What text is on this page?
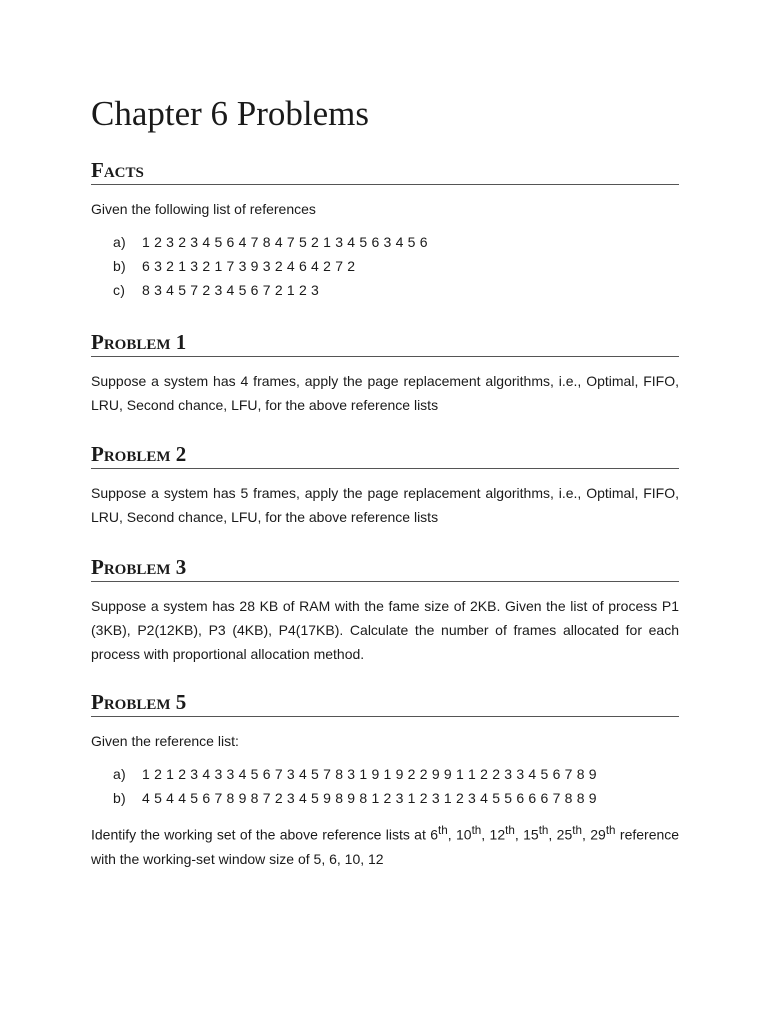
Chapter 6 Problems
Facts

Given the following list of references

a) 1 2 3 2 3 4 5 6 4 7 8 4 7 5 2 1 3 4 5 6 3 4 5 6
b) 6 3 2 1 3 2 1 7 3 9 3 2 4 6 4 2 7 2
c) 8 3 4 5 7 2 3 4 5 6 7 2 1 2 3
Problem 1

Suppose a system has 4 frames, apply the page replacement algorithms, i.e., Optimal, FIFO, LRU, Second chance, LFU, for the above reference lists

Problem 2

Suppose a system has 5 frames, apply the page replacement algorithms, i.e., Optimal, FIFO, LRU, Second chance, LFU, for the above reference lists

Problem 3

Suppose a system has 28 KB of RAM with the fame size of 2KB. Given the list of process P1 (3KB), P2(12KB), P3 (4KB), P4(17KB). Calculate the number of frames allocated for each process with proportional allocation method.

Problem 5

Given the reference list:

a) 1 2 1 2 3 4 3 3 4 5 6 7 3 4 5 7 8 3 1 9 1 9 2 2 9 9 1 1 2 2 3 3 4 5 6 7 8 9
b) 4 5 4 4 5 6 7 8 9 8 7 2 3 4 5 9 8 9 8 1 2 3 1 2 3 1 2 3 4 5 5 6 6 6 7 8 8 9

Identify the working set of the above reference lists at 6th, 10th, 12th, 15th, 25th, 29th reference with the working-set window size of 5, 6, 10, 12
